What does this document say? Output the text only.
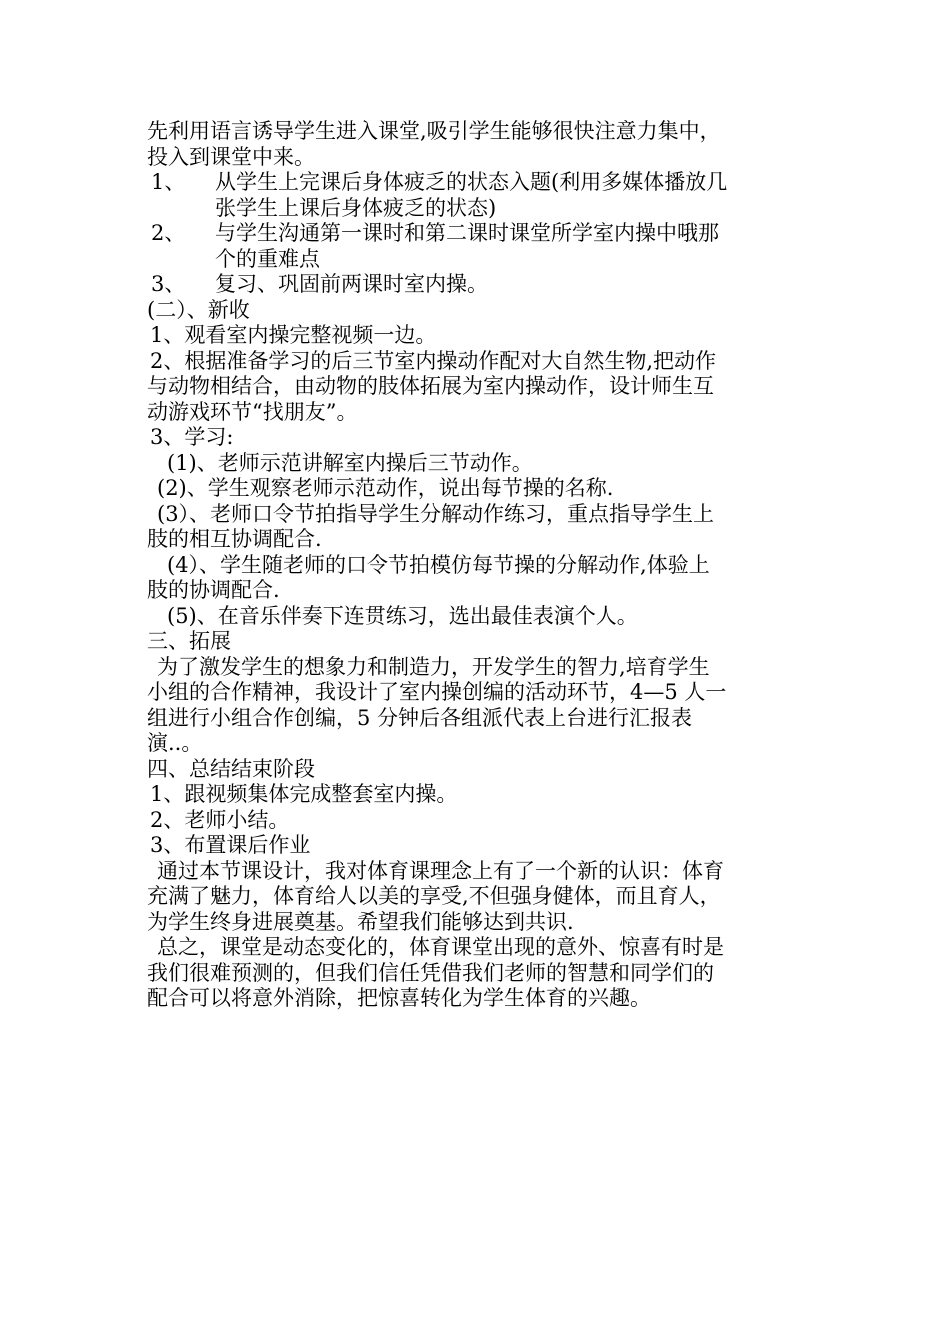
先利用语言诱导学生进入课堂,吸引学生能够很快注意力集中，
投入到课堂中来。
1、	从学生上完课后身体疲乏的状态入题(利用多媒体播放几
张学生上课后身体疲乏的状态)
2、	与学生沟通第一课时和第二课时课堂所学室内操中哦那
个的重难点
3、	复习、巩固前两课时室内操。
(二）、新收
1、观看室内操完整视频一边。
2、根据准备学习的后三节室内操动作配对大自然生物,把动作
与动物相结合，由动物的肢体拓展为室内操动作，设计师生互
动游戏环节“找朋友”。
3、学习:
(1)、老师示范讲解室内操后三节动作。
(2)、学生观察老师示范动作，说出每节操的名称.
(3）、老师口令节拍指导学生分解动作练习，重点指导学生上
肢的相互协调配合.
(4）、学生随老师的口令节拍模仿每节操的分解动作,体验上
肢的协调配合.
(5)、在音乐伴奏下连贯练习，选出最佳表演个人。
三、拓展
为了激发学生的想象力和制造力，开发学生的智力,培育学生
小组的合作精神，我设计了室内操创编的活动环节，4—5 人一
组进行小组合作创编，5 分钟后各组派代表上台进行汇报表
演..。
四、总结结束阶段
1、跟视频集体完成整套室内操。
2、老师小结。
3、布置课后作业
通过本节课设计，我对体育课理念上有了一个新的认识：体育
充满了魅力，体育给人以美的享受,不但强身健体，而且育人，
为学生终身进展奠基。希望我们能够达到共识.
总之，课堂是动态变化的，体育课堂出现的意外、惊喜有时是
我们很难预测的，但我们信任凭借我们老师的智慧和同学们的
配合可以将意外消除，把惊喜转化为学生体育的兴趣。
